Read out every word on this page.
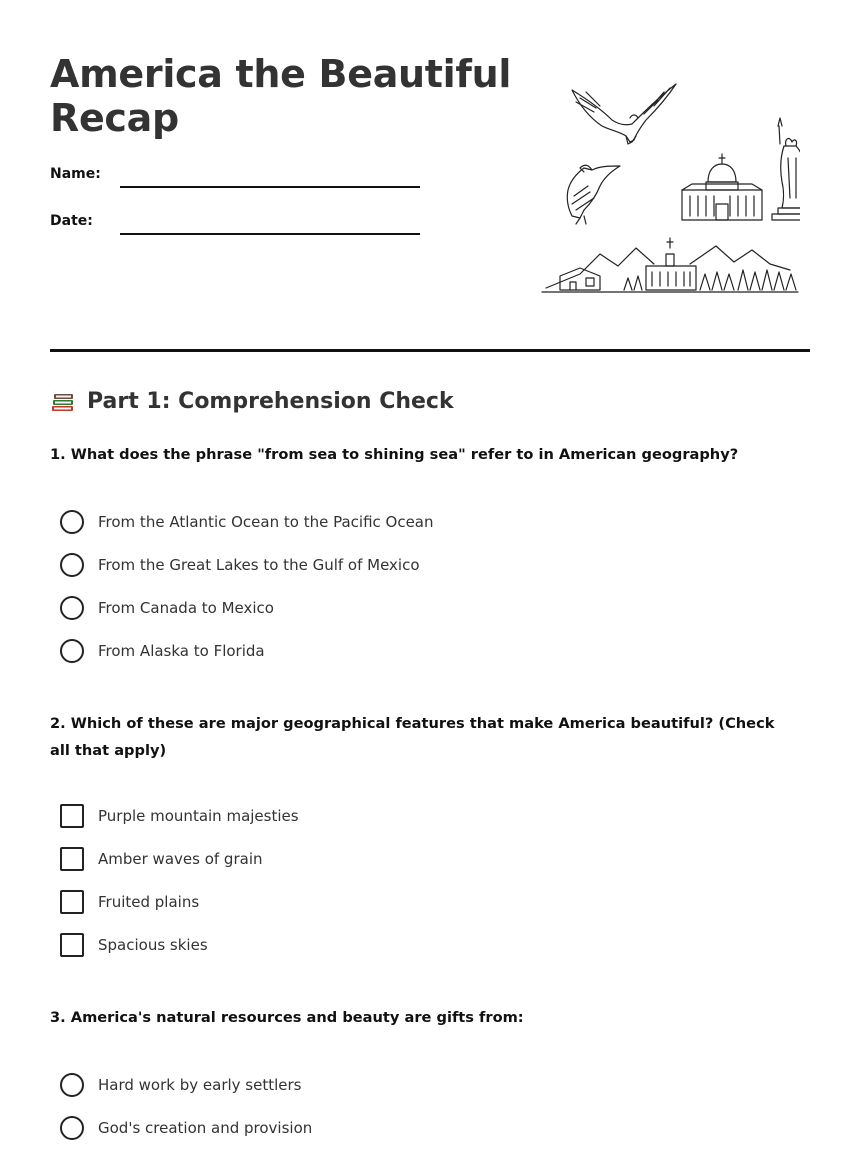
America the Beautiful Recap
Name:
Date:
Part 1: Comprehension Check
1. What does the phrase "from sea to shining sea" refer to in American geography?
From the Atlantic Ocean to the Pacific Ocean
From the Great Lakes to the Gulf of Mexico
From Canada to Mexico
From Alaska to Florida
2. Which of these are major geographical features that make America beautiful? (Check all that apply)
Purple mountain majesties
Amber waves of grain
Fruited plains
Spacious skies
3. America's natural resources and beauty are gifts from:
Hard work by early settlers
God's creation and provision
